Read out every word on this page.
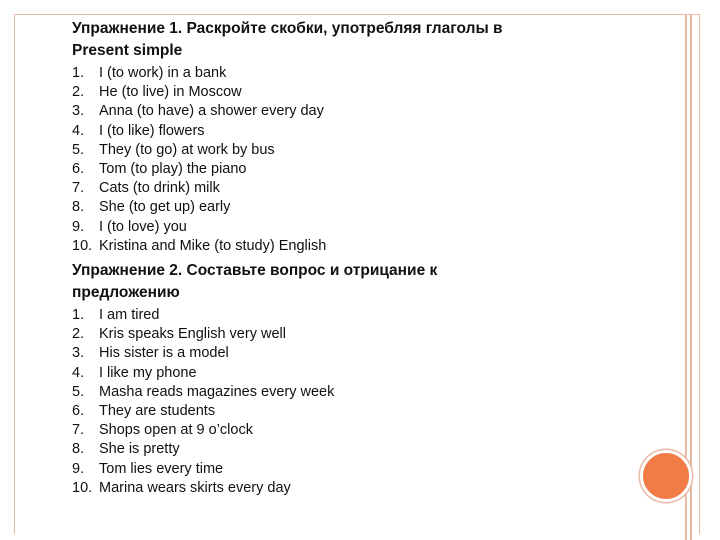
Упражнение 1. Раскройте скобки, употребляя глаголы в
Present simple

1.	I (to work) in a bank
2.	He (to live) in Moscow
3.	Anna (to have) a shower every day
4.	I (to like) flowers
5.	They (to go) at work by bus
6.	Tom (to play) the piano
7.	Cats (to drink) milk
8.	She (to get up) early
9.	I (to love) you
10. Kristina and Mike (to study) English

Упражнение 2. Составьте вопрос и отрицание к
предложению

1.	I am tired
2.	Kris speaks English very well
3.	His sister is a model
4.	I like my phone
5.	Masha reads magazines every week
6.	They are students
7.	Shops open at 9 o’clock
8.	She is pretty
9.	Tom lies every time
10. Marina wears skirts every day
